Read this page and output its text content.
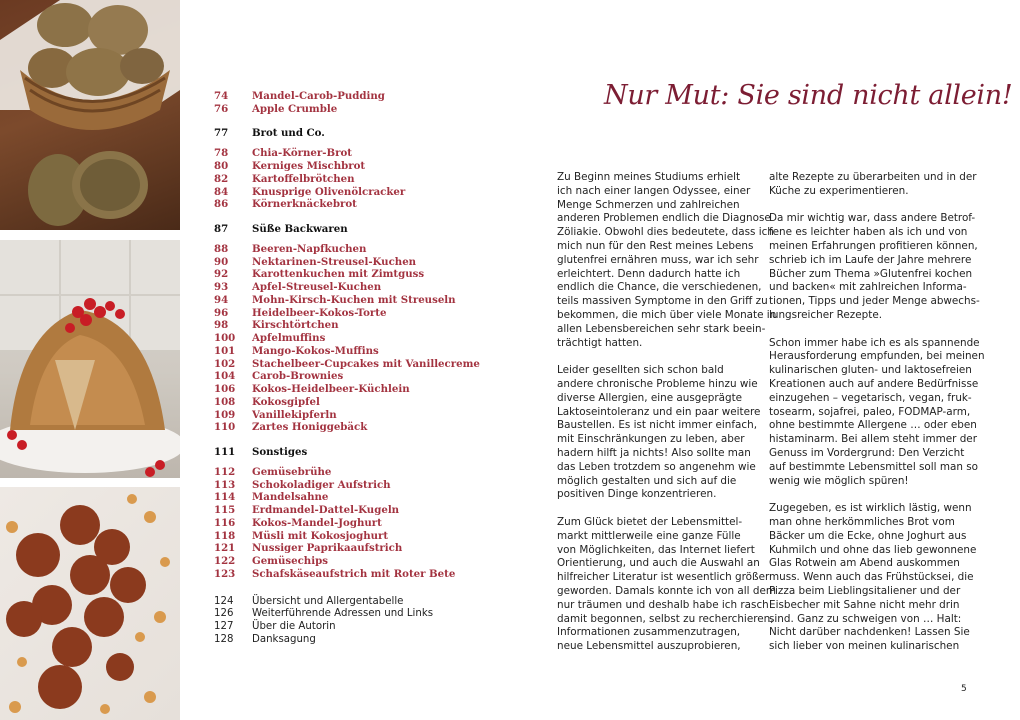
74	Mandel-Carob-Pudding
76	Apple Crumble
77	Brot und Co.
78	Chia-Körner-Brot
80	Kerniges Mischbrot
82	Kartoffelbrötchen
84	Knusprige Olivenölcracker
86	Körnerknäckebrot
87	Süße Backwaren
88	Beeren-Napfkuchen
90	Nektarinen-Streusel-Kuchen
92	Karottenkuchen mit Zimtguss
93	Apfel-Streusel-Kuchen
94	Mohn-Kirsch-Kuchen mit Streuseln
96	Heidelbeer-Kokos-Torte
98	Kirschtörtchen
100	Apfelmuffins
101	Mango-Kokos-Muffins
102	Stachelbeer-Cupcakes mit Vanillecreme
104	Carob-Brownies
106	Kokos-Heidelbeer-Küchlein
108	Kokosgipfel
109	Vanillekipferln
110	Zartes Honiggebäck
111	Sonstiges
112	Gemüsebrühe
113	Schokoladiger Aufstrich
114	Mandelsahne
115	Erdmandel-Dattel-Kugeln
116	Kokos-Mandel-Joghurt
118	Müsli mit Kokosjoghurt
121	Nussiger Paprikaaufstrich
122	Gemüsechips
123	Schafskäseaufstrich mit Roter Bete
124	Übersicht und Allergentabelle
126	Weiterführende Adressen und Links
127	Über die Autorin
128	Danksagung
Nur Mut: Sie sind nicht allein!
Zu Beginn meines Studiums erhielt
ich nach einer langen Odyssee, einer
Menge Schmerzen und zahlreichen
anderen Problemen endlich die Diagnose
Zöliakie. Obwohl dies bedeutete, dass ich
mich nun für den Rest meines Lebens
glutenfrei ernähren muss, war ich sehr
erleichtert. Denn dadurch hatte ich
endlich die Chance, die verschiedenen,
teils massiven Symptome in den Griff zu
bekommen, die mich über viele Monate in
allen Lebensbereichen sehr stark beein-
trächtigt hatten.
Leider gesellten sich schon bald
andere chronische Probleme hinzu wie
diverse Allergien, eine ausgeprägte
Laktoseintoleranz und ein paar weitere
Baustellen. Es ist nicht immer einfach,
mit Einschränkungen zu leben, aber
hadern hilft ja nichts! Also sollte man
das Leben trotzdem so angenehm wie
möglich gestalten und sich auf die
positiven Dinge konzentrieren.
Zum Glück bietet der Lebensmittel-
markt mittlerweile eine ganze Fülle
von Möglichkeiten, das Internet liefert
Orientierung, und auch die Auswahl an
hilfreicher Literatur ist wesentlich größer
geworden. Damals konnte ich von all dem
nur träumen und deshalb habe ich rasch
damit begonnen, selbst zu recherchieren,
Informationen zusammenzutragen,
neue Lebensmittel auszuprobieren,
alte Rezepte zu überarbeiten und in der
Küche zu experimentieren.
Da mir wichtig war, dass andere Betrof-
fene es leichter haben als ich und von
meinen Erfahrungen profitieren können,
schrieb ich im Laufe der Jahre mehrere
Bücher zum Thema »Glutenfrei kochen
und backen« mit zahlreichen Informa-
tionen, Tipps und jeder Menge abwechs-
lungsreicher Rezepte.
Schon immer habe ich es als spannende
Herausforderung empfunden, bei meinen
kulinarischen gluten- und laktosefreien
Kreationen auch auf andere Bedürfnisse
einzugehen – vegetarisch, vegan, fruk-
tosearm, sojafrei, paleo, FODMAP-arm,
ohne bestimmte Allergene … oder eben
histaminarm. Bei allem steht immer der
Genuss im Vordergrund: Den Verzicht
auf bestimmte Lebensmittel soll man so
wenig wie möglich spüren!
Zugegeben, es ist wirklich lästig, wenn
man ohne herkömmliches Brot vom
Bäcker um die Ecke, ohne Joghurt aus
Kuhmilch und ohne das lieb gewonnene
Glas Rotwein am Abend auskommen
muss. Wenn auch das Frühstücksei, die
Pizza beim Lieblingsitaliener und der
Eisbecher mit Sahne nicht mehr drin
sind. Ganz zu schweigen von … Halt:
Nicht darüber nachdenken! Lassen Sie
sich lieber von meinen kulinarischen
5
